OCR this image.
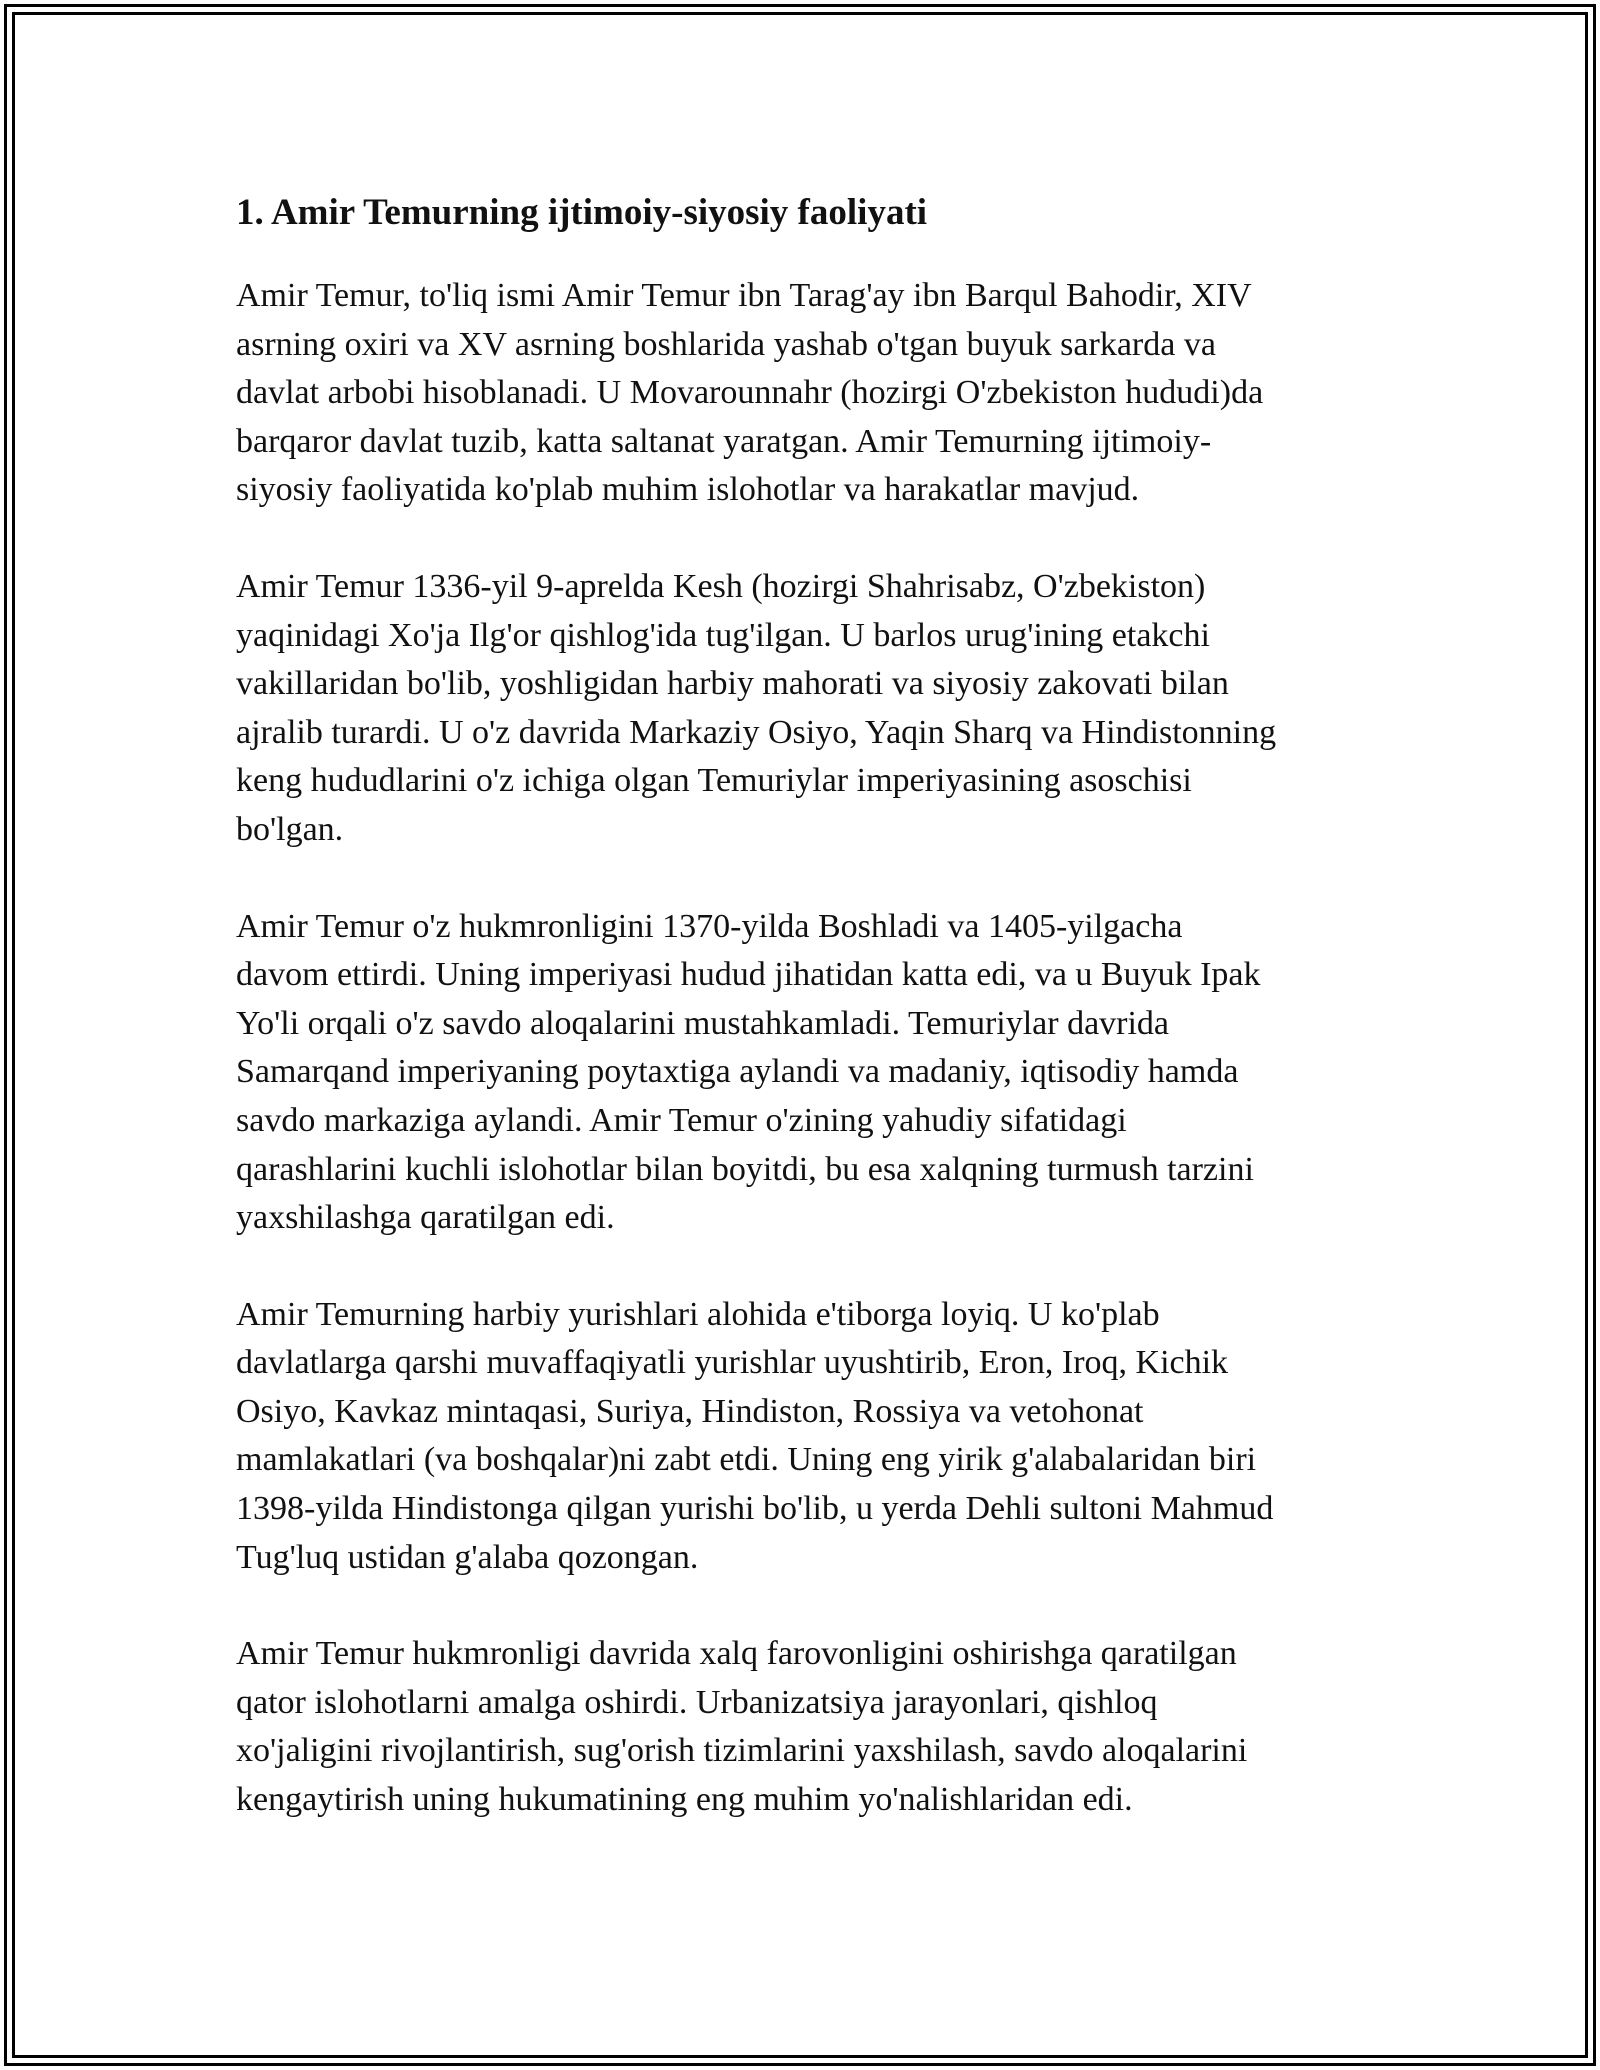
1. Amir Temurning ijtimoiy-siyosiy faoliyati

Amir Temur, to'liq ismi Amir Temur ibn Tarag'ay ibn Barqul Bahodir, XIV
asrning oxiri va XV asrning boshlarida yashab o'tgan buyuk sarkarda va
davlat arbobi hisoblanadi. U Movarounnahr (hozirgi O'zbekiston hududi)da
barqaror davlat tuzib, katta saltanat yaratgan. Amir Temurning ijtimoiy-
siyosiy faoliyatida ko'plab muhim islohotlar va harakatlar mavjud.

Amir Temur 1336-yil 9-aprelda Kesh (hozirgi Shahrisabz, O'zbekiston)
yaqinidagi Xo'ja Ilg'or qishlog'ida tug'ilgan. U barlos urug'ining etakchi
vakillaridan bo'lib, yoshligidan harbiy mahorati va siyosiy zakovati bilan
ajralib turardi. U o'z davrida Markaziy Osiyo, Yaqin Sharq va Hindistonning
keng hududlarini o'z ichiga olgan Temuriylar imperiyasining asoschisi
bo'lgan.

Amir Temur o'z hukmronligini 1370-yilda Boshladi va 1405-yilgacha
davom ettirdi. Uning imperiyasi hudud jihatidan katta edi, va u Buyuk Ipak
Yo'li orqali o'z savdo aloqalarini mustahkamladi. Temuriylar davrida
Samarqand imperiyaning poytaxtiga aylandi va madaniy, iqtisodiy hamda
savdo markaziga aylandi. Amir Temur o'zining yahudiy sifatidagi
qarashlarini kuchli islohotlar bilan boyitdi, bu esa xalqning turmush tarzini
yaxshilashga qaratilgan edi.

Amir Temurning harbiy yurishlari alohida e'tiborga loyiq. U ko'plab
davlatlarga qarshi muvaffaqiyatli yurishlar uyushtirib, Eron, Iroq, Kichik
Osiyo, Kavkaz mintaqasi, Suriya, Hindiston, Rossiya va vetohonat
mamlakatlari (va boshqalar)ni zabt etdi. Uning eng yirik g'alabalaridan biri
1398-yilda Hindistonga qilgan yurishi bo'lib, u yerda Dehli sultoni Mahmud
Tug'luq ustidan g'alaba qozongan.

Amir Temur hukmronligi davrida xalq farovonligini oshirishga qaratilgan
qator islohotlarni amalga oshirdi. Urbanizatsiya jarayonlari, qishloq
xo'jaligini rivojlantirish, sug'orish tizimlarini yaxshilash, savdo aloqalarini
kengaytirish uning hukumatining eng muhim yo'nalishlaridan edi.
